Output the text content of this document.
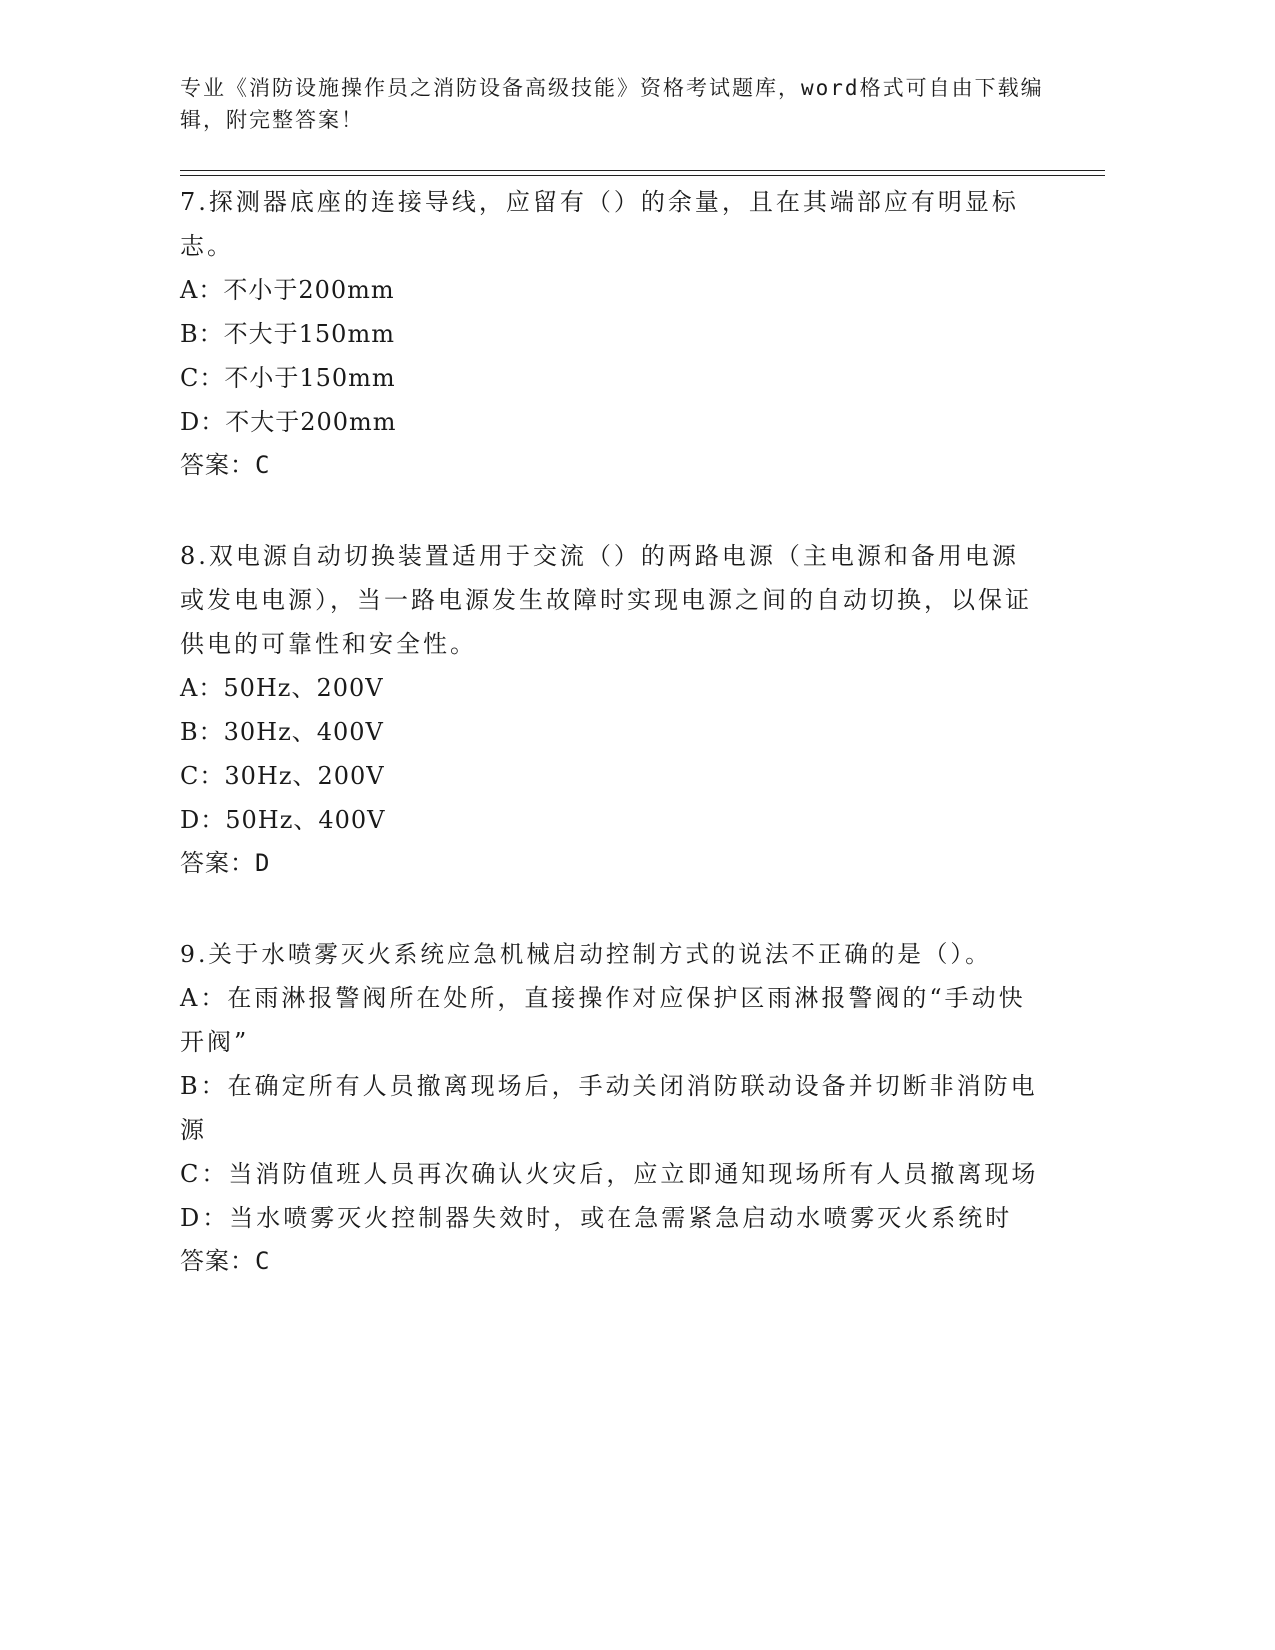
专业《消防设施操作员之消防设备高级技能》资格考试题库，word格式可自由下载编辑，附完整答案！
7.探测器底座的连接导线，应留有（）的余量，且在其端部应有明显标志。
A：不小于200mm
B：不大于150mm
C：不小于150mm
D：不大于200mm
答案：C
8.双电源自动切换装置适用于交流（）的两路电源（主电源和备用电源或发电电源），当一路电源发生故障时实现电源之间的自动切换，以保证供电的可靠性和安全性。
A：50Hz、200V
B：30Hz、400V
C：30Hz、200V
D：50Hz、400V
答案：D
9.关于水喷雾灭火系统应急机械启动控制方式的说法不正确的是（）。
A：在雨淋报警阀所在处所，直接操作对应保护区雨淋报警阀的“手动快开阀”
B：在确定所有人员撤离现场后，手动关闭消防联动设备并切断非消防电源
C：当消防值班人员再次确认火灾后，应立即通知现场所有人员撤离现场
D：当水喷雾灭火控制器失效时，或在急需紧急启动水喷雾灭火系统时
答案：C
